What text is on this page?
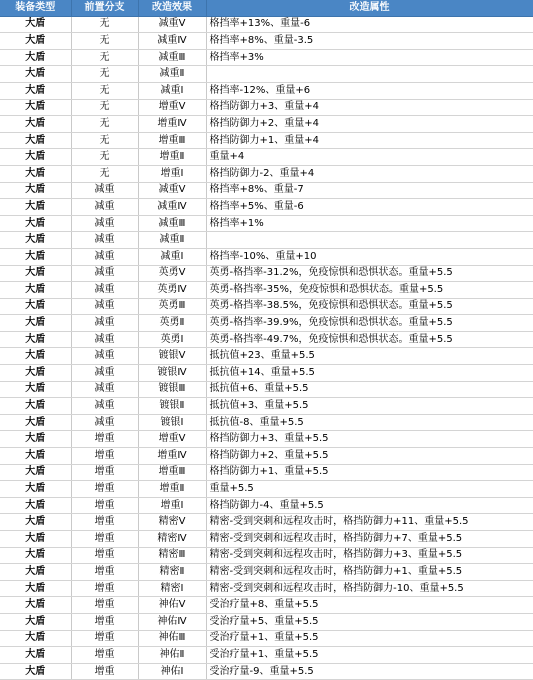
装备类型	前置分支	改造效果	改造属性
大盾	无	减重Ⅴ	格挡率+13%、重量-6
大盾	无	减重Ⅳ	格挡率+8%、重量-3.5
大盾	无	减重Ⅲ	格挡率+3%
大盾	无	减重Ⅱ	
大盾	无	减重Ⅰ	格挡率-12%、重量+6
大盾	无	增重Ⅴ	格挡防御力+3、重量+4
大盾	无	增重Ⅳ	格挡防御力+2、重量+4
大盾	无	增重Ⅲ	格挡防御力+1、重量+4
大盾	无	增重Ⅱ	重量+4
大盾	无	增重Ⅰ	格挡防御力-2、重量+4
大盾	减重	减重Ⅴ	格挡率+8%、重量-7
大盾	减重	减重Ⅳ	格挡率+5%、重量-6
大盾	减重	减重Ⅲ	格挡率+1%
大盾	减重	减重Ⅱ	
大盾	减重	减重Ⅰ	格挡率-10%、重量+10
大盾	减重	英勇Ⅴ	英勇-格挡率-31.2%，免疫惊惧和恐惧状态。重量+5.5
大盾	减重	英勇Ⅳ	英勇-格挡率-35%，免疫惊惧和恐惧状态。重量+5.5
大盾	减重	英勇Ⅲ	英勇-格挡率-38.5%，免疫惊惧和恐惧状态。重量+5.5
大盾	减重	英勇Ⅱ	英勇-格挡率-39.9%，免疫惊惧和恐惧状态。重量+5.5
大盾	减重	英勇Ⅰ	英勇-格挡率-49.7%，免疫惊惧和恐惧状态。重量+5.5
大盾	减重	镀银Ⅴ	抵抗值+23、重量+5.5
大盾	减重	镀银Ⅳ	抵抗值+14、重量+5.5
大盾	减重	镀银Ⅲ	抵抗值+6、重量+5.5
大盾	减重	镀银Ⅱ	抵抗值+3、重量+5.5
大盾	减重	镀银Ⅰ	抵抗值-8、重量+5.5
大盾	增重	增重Ⅴ	格挡防御力+3、重量+5.5
大盾	增重	增重Ⅳ	格挡防御力+2、重量+5.5
大盾	增重	增重Ⅲ	格挡防御力+1、重量+5.5
大盾	增重	增重Ⅱ	重量+5.5
大盾	增重	增重Ⅰ	格挡防御力-4、重量+5.5
大盾	增重	精密Ⅴ	精密-受到突刺和远程攻击时，格挡防御力+11、重量+5.5
大盾	增重	精密Ⅳ	精密-受到突刺和远程攻击时，格挡防御力+7、重量+5.5
大盾	增重	精密Ⅲ	精密-受到突刺和远程攻击时，格挡防御力+3、重量+5.5
大盾	增重	精密Ⅱ	精密-受到突刺和远程攻击时，格挡防御力+1、重量+5.5
大盾	增重	精密Ⅰ	精密-受到突刺和远程攻击时，格挡防御力-10、重量+5.5
大盾	增重	神佑Ⅴ	受治疗量+8、重量+5.5
大盾	增重	神佑Ⅳ	受治疗量+5、重量+5.5
大盾	增重	神佑Ⅲ	受治疗量+1、重量+5.5
大盾	增重	神佑Ⅱ	受治疗量+1、重量+5.5
大盾	增重	神佑Ⅰ	受治疗量-9、重量+5.5
